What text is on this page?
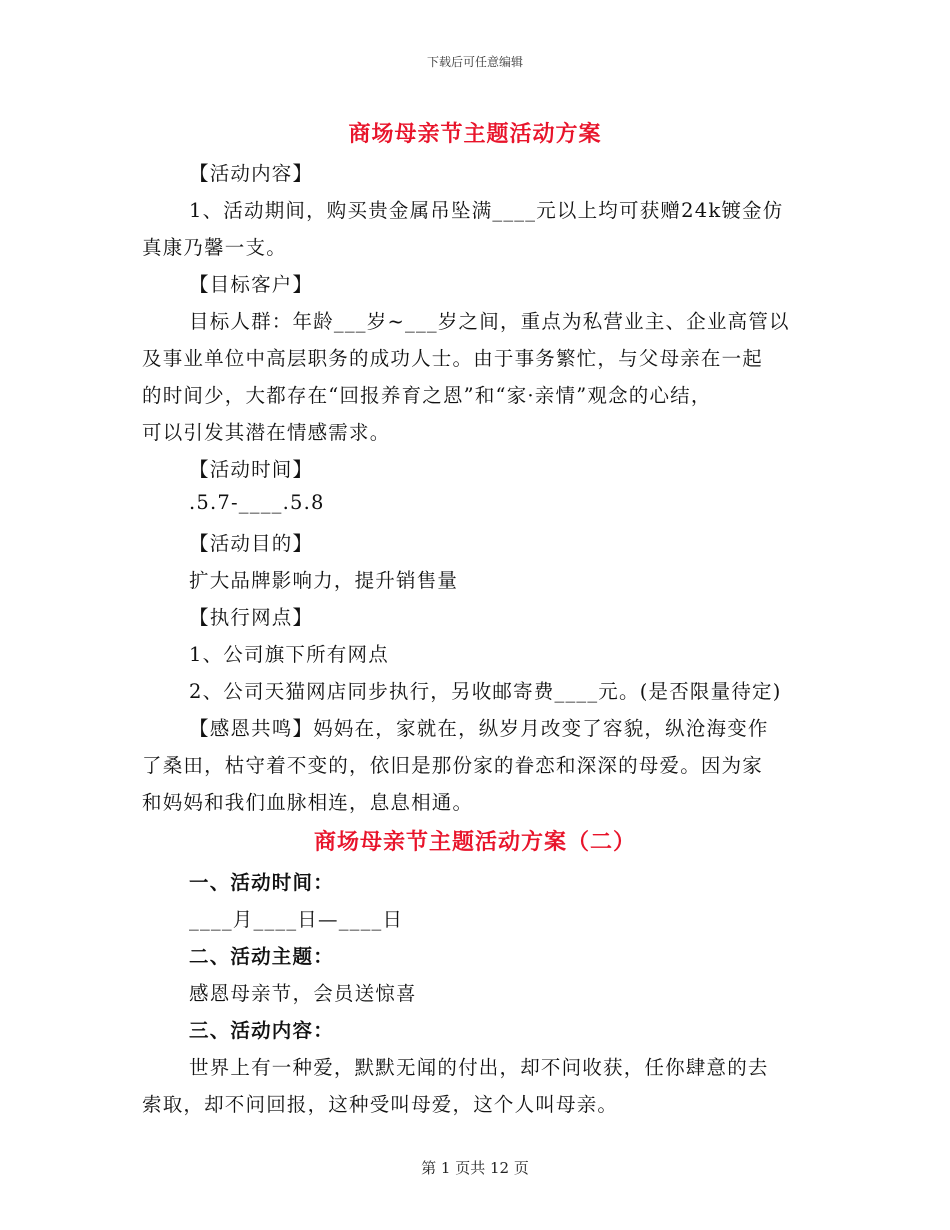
下载后可任意编辑
商场母亲节主题活动方案
【活动内容】
1、活动期间，购买贵金属吊坠满____元以上均可获赠24k镀金仿
真康乃馨一支。
【目标客户】
目标人群：年龄___岁~___岁之间，重点为私营业主、企业高管以
及事业单位中高层职务的成功人士。由于事务繁忙，与父母亲在一起
的时间少，大都存在“回报养育之恩”和“家·亲情”观念的心结，
可以引发其潜在情感需求。
【活动时间】
.5.7-____.5.8
【活动目的】
扩大品牌影响力，提升销售量
【执行网点】
1、公司旗下所有网点
2、公司天猫网店同步执行，另收邮寄费____元。(是否限量待定)
【感恩共鸣】妈妈在，家就在，纵岁月改变了容貌，纵沧海变作
了桑田，枯守着不变的，依旧是那份家的眷恋和深深的母爱。因为家
和妈妈和我们血脉相连，息息相通。
商场母亲节主题活动方案（二）
一、活动时间：
____月____日—____日
二、活动主题：
感恩母亲节，会员送惊喜
三、活动内容：
世界上有一种爱，默默无闻的付出，却不问收获，任你肆意的去
索取，却不问回报，这种受叫母爱，这个人叫母亲。
第 1 页共 12 页
